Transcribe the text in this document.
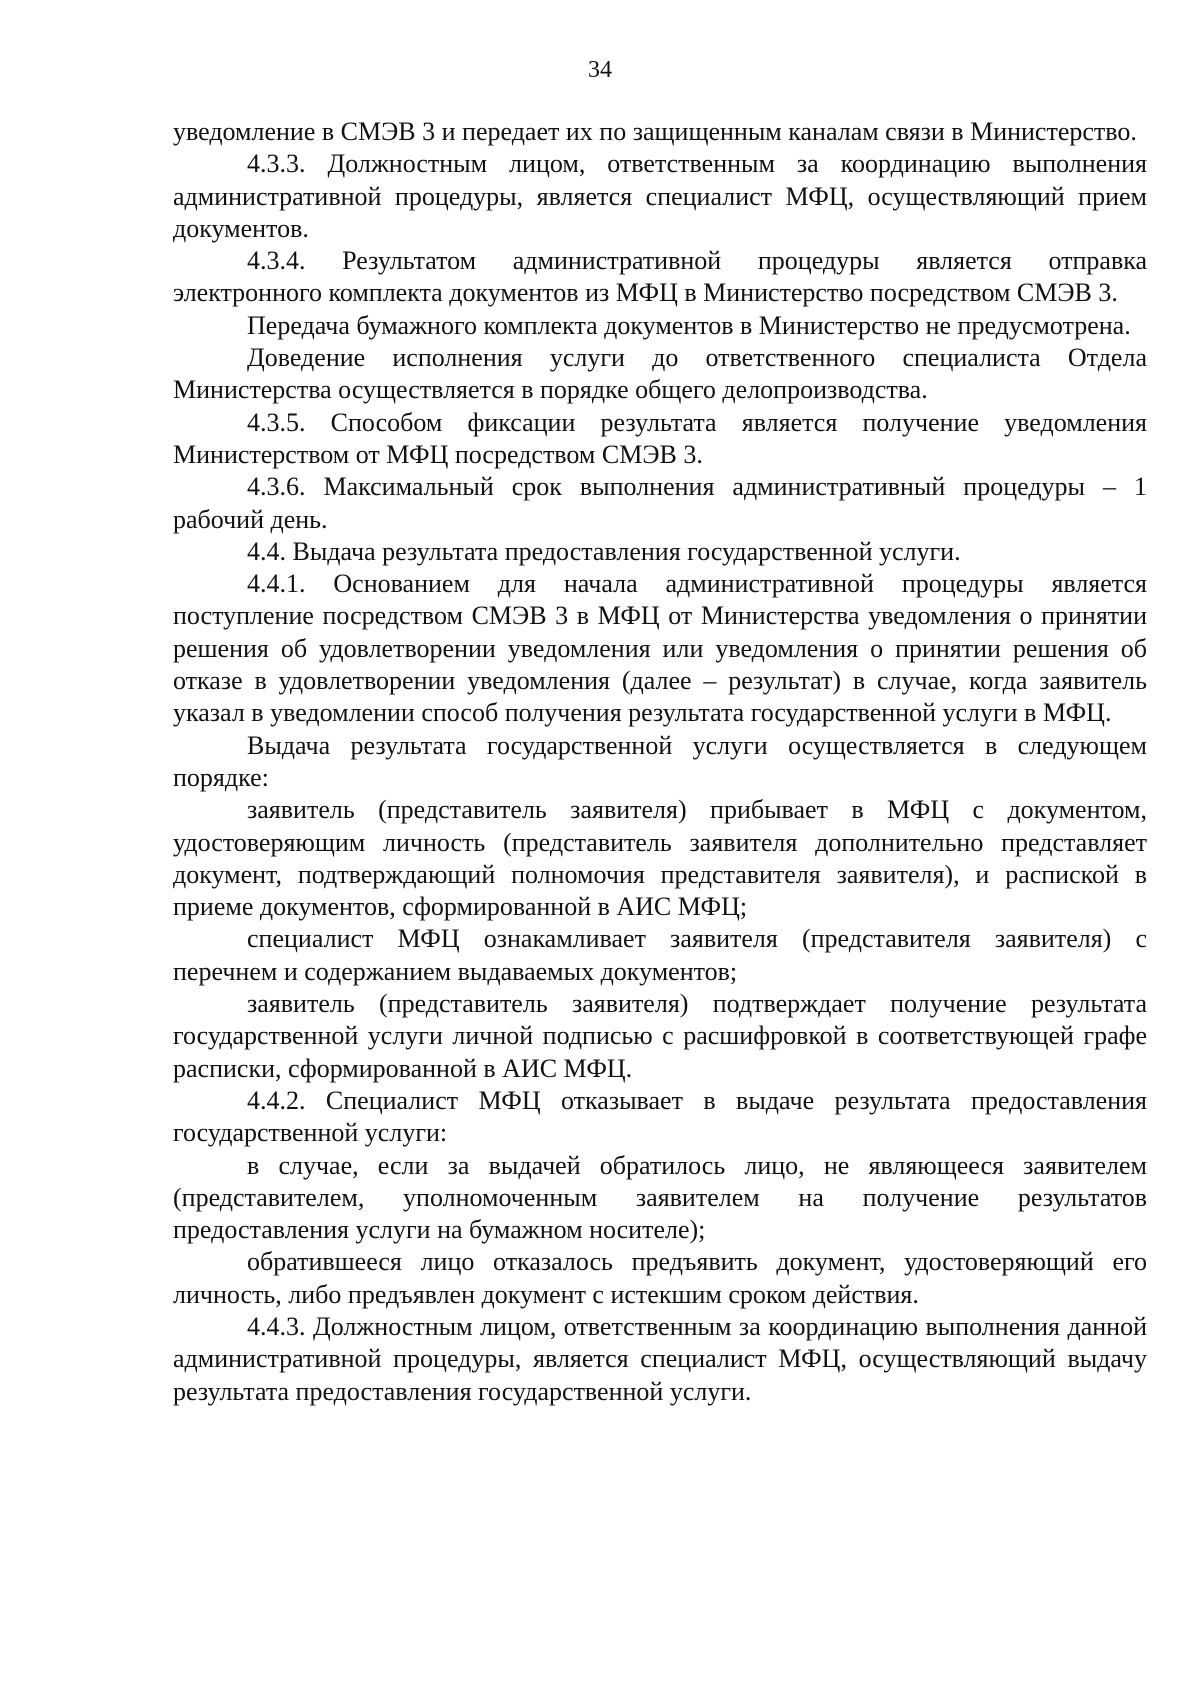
34

уведомление в СМЭВ 3 и передает их по защищенным каналам связи в Министерство.

4.3.3. Должностным лицом, ответственным за координацию выполнения административной процедуры, является специалист МФЦ, осуществляющий прием документов.

4.3.4. Результатом административной процедуры является отправка электронного комплекта документов из МФЦ в Министерство посредством СМЭВ 3.

Передача бумажного комплекта документов в Министерство не предусмотрена.

Доведение исполнения услуги до ответственного специалиста Отдела Министерства осуществляется в порядке общего делопроизводства.

4.3.5. Способом фиксации результата является получение уведомления Министерством от МФЦ посредством СМЭВ 3.

4.3.6. Максимальный срок выполнения административный процедуры – 1 рабочий день.

4.4. Выдача результата предоставления государственной услуги.

4.4.1. Основанием для начала административной процедуры является поступление посредством СМЭВ 3 в МФЦ от Министерства уведомления о принятии решения об удовлетворении уведомления или уведомления о принятии решения об отказе в удовлетворении уведомления (далее – результат) в случае, когда заявитель указал в уведомлении способ получения результата государственной услуги в МФЦ.

Выдача результата государственной услуги осуществляется в следующем порядке:

заявитель (представитель заявителя) прибывает в МФЦ с документом, удостоверяющим личность (представитель заявителя дополнительно представляет документ, подтверждающий полномочия представителя заявителя), и распиской в приеме документов, сформированной в АИС МФЦ;

специалист МФЦ ознакамливает заявителя (представителя заявителя) с перечнем и содержанием выдаваемых документов;

заявитель (представитель заявителя) подтверждает получение результата государственной услуги личной подписью с расшифровкой в соответствующей графе расписки, сформированной в АИС МФЦ.

4.4.2. Специалист МФЦ отказывает в выдаче результата предоставления государственной услуги:

в случае, если за выдачей обратилось лицо, не являющееся заявителем (представителем, уполномоченным заявителем на получение результатов предоставления услуги на бумажном носителе);

обратившееся лицо отказалось предъявить документ, удостоверяющий его личность, либо предъявлен документ с истекшим сроком действия.

4.4.3. Должностным лицом, ответственным за координацию выполнения данной административной процедуры, является специалист МФЦ, осуществляющий выдачу результата предоставления государственной услуги.
